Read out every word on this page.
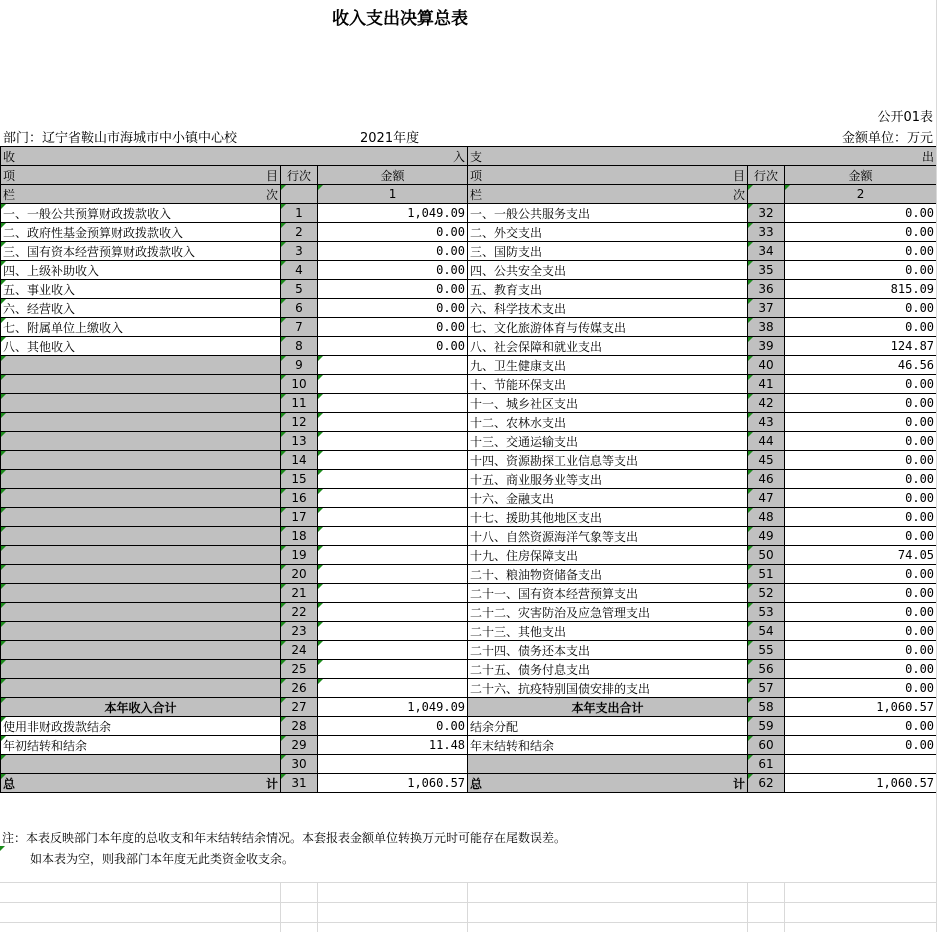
收入支出决算总表
公开01表
部门：辽宁省鞍山市海城市中小镇中心校	2021年度	金额单位：万元
收 入			支 出		

项 目	行次	金额	项 目	行次	金额

栏 次		1	栏 次		2
一、一般公共预算财政拨款收入	1	1,049.09	一、一般公共服务支出	32	0.00
二、政府性基金预算财政拨款收入	2	0.00	二、外交支出	33	0.00
三、国有资本经营预算财政拨款收入	3	0.00	三、国防支出	34	0.00
四、上级补助收入	4	0.00	四、公共安全支出	35	0.00
五、事业收入	5	0.00	五、教育支出	36	815.09
六、经营收入	6	0.00	六、科学技术支出	37	0.00
七、附属单位上缴收入	7	0.00	七、文化旅游体育与传媒支出	38	0.00
八、其他收入	8	0.00	八、社会保障和就业支出	39	124.87
	9		九、卫生健康支出	40	46.56
	10		十、节能环保支出	41	0.00
	11		十一、城乡社区支出	42	0.00
	12		十二、农林水支出	43	0.00
	13		十三、交通运输支出	44	0.00
	14		十四、资源勘探工业信息等支出	45	0.00
	15		十五、商业服务业等支出	46	0.00
	16		十六、金融支出	47	0.00
	17		十七、援助其他地区支出	48	0.00
	18		十八、自然资源海洋气象等支出	49	0.00
	19		十九、住房保障支出	50	74.05
	20		二十、粮油物资储备支出	51	0.00
	21		二十一、国有资本经营预算支出	52	0.00
	22		二十二、灾害防治及应急管理支出	53	0.00
	23		二十三、其他支出	54	0.00
	24		二十四、债务还本支出	55	0.00
	25		二十五、债务付息支出	56	0.00
	26		二十六、抗疫特别国债安排的支出	57	0.00
本年收入合计	27	1,049.09	本年支出合计	58	1,060.57
使用非财政拨款结余	28	0.00	结余分配	59	0.00
年初结转和结余	29	11.48	年末结转和结余	60	0.00
	30			61	

总 计	31	1,060.57	总 计	62	1,060.57
注：本表反映部门本年度的总收支和年末结转结余情况。本套报表金额单位转换万元时可能存在尾数误差。
如本表为空，则我部门本年度无此类资金收支余。
